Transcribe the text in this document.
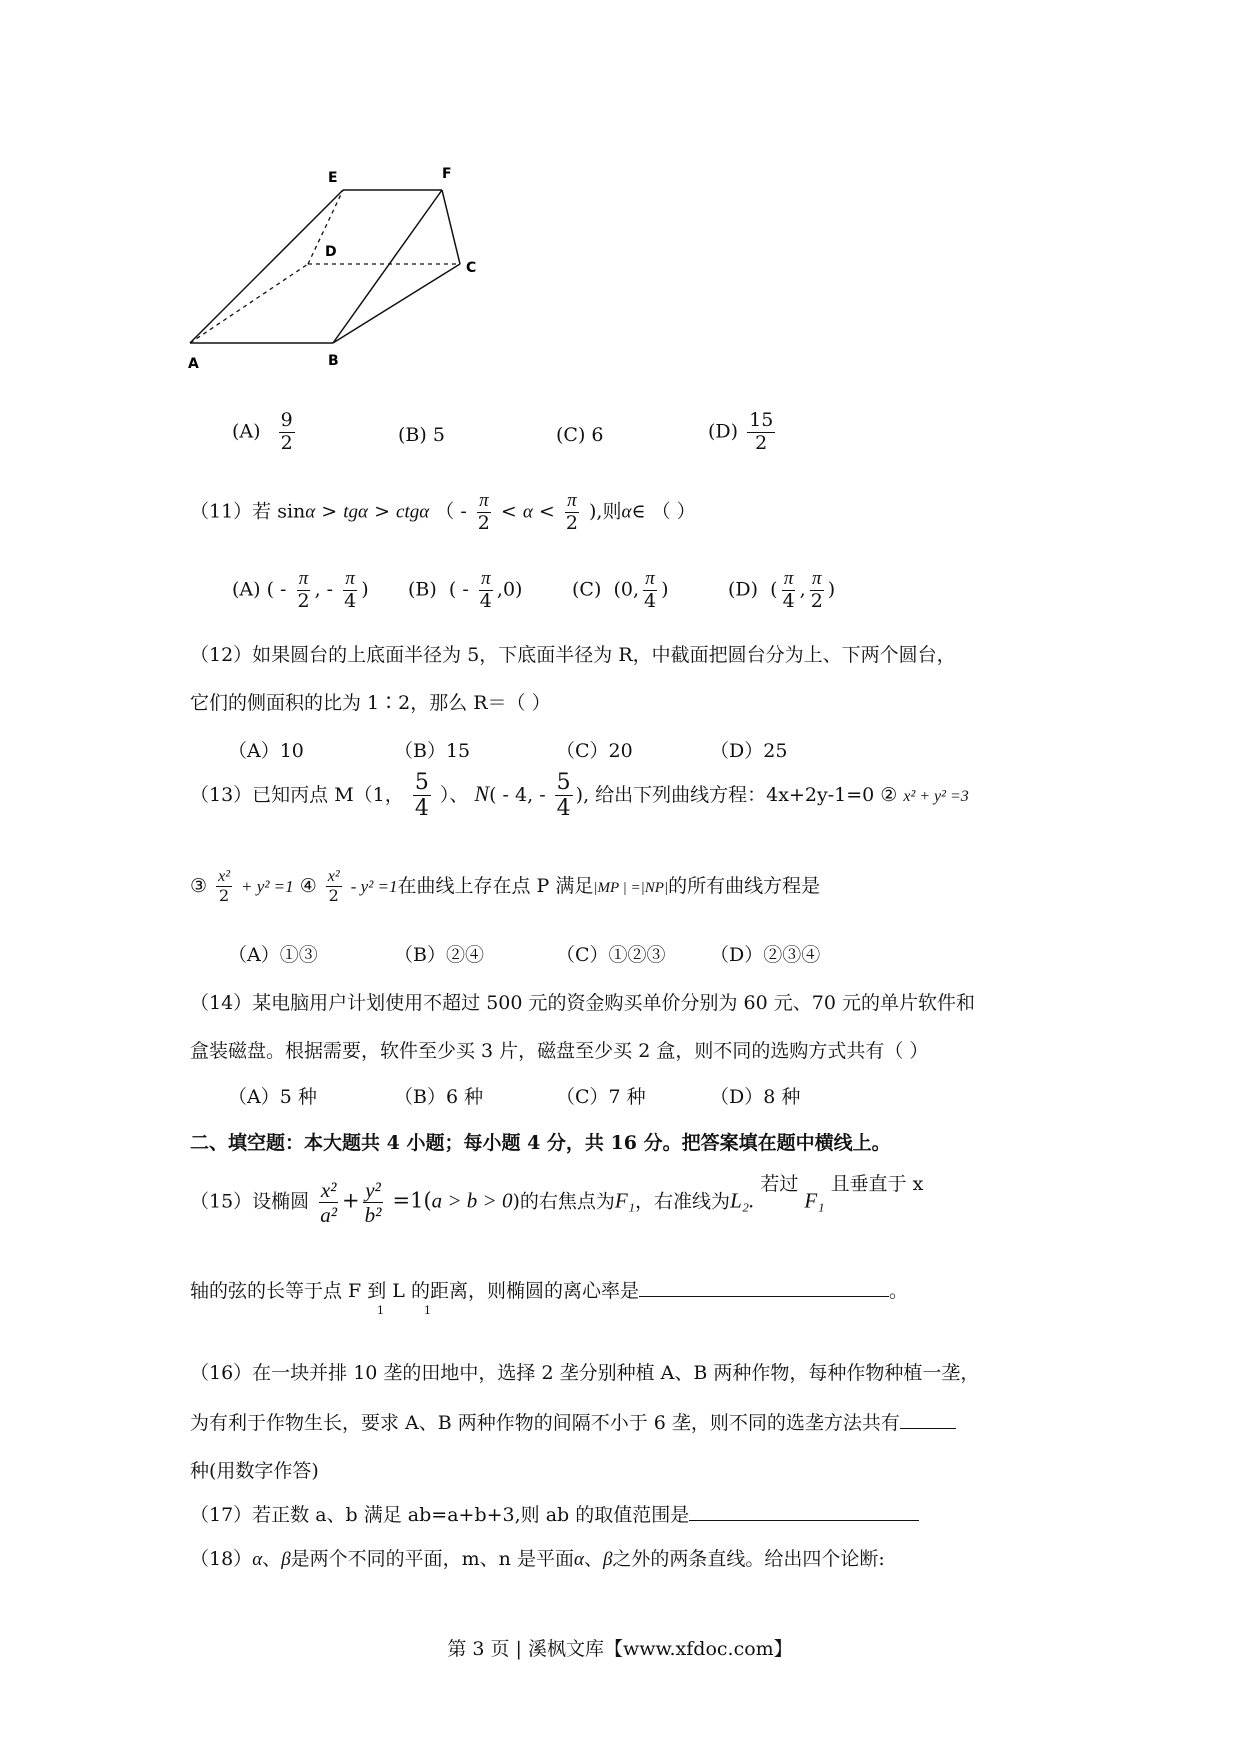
A	B
C
D
E	F
$(A) \frac{9}{2}$	(B) 5	(C) 6	$(D) \frac{15}{2}$
（11）若 sinα > tgα > ctgα （ - $\frac{\pi}{2} < \alpha < \frac{\pi}{2}$ ),则α∈ （ ）
(A) ( - $\frac{\pi}{2}$ , - $\frac{\pi}{4}$ ) (B)  ( - $\frac{\pi}{4} ,0$)	(C)  (0, $\frac{\pi}{4}$ )	(D)  ( $\frac{\pi}{4}$ , $\frac{\pi}{2}$ )
（12）如果圆台的上底面半径为 5，下底面半径为 R，中截面把圆台分为上、下两个圆台，
它们的侧面积的比为 1∶2，那么 R＝（ ）
（A）10	（B）15	（C）20	（D）25
（13）已知丙点 M（1， $\frac{5}{4}$ ）、 N( - 4, - $\frac{5}{4}$ ), 给出下列曲线方程：4x+2y-1=0 ② x² + y² =3
③ $\frac{\text{x²}}{2} + y^2 =1$ ④ $\frac{\text{x²}}{2} - y^2 =1$在曲线上存在点 P 满足|MP | =|NP|的所有曲线方程是
（A）①③	（B）②④	（C）①②③ （D）②③④
（14）某电脑用户计划使用不超过 500 元的资金购买单价分别为 60 元、70 元的单片软件和
盒装磁盘。根据需要，软件至少买 3 片，磁盘至少买 2 盒，则不同的选购方式共有（ ）
（A）5 种	（B）6 种	（C）7 种	（D）8 种
二、填空题：本大题共 4 小题；每小题 4 分，共 16 分。把答案填在题中横线上。
（15）设椭圆 $\frac{\text{x²}}{\text{a²}} + \frac{\text{y²}}{\text{b²}} =1(a > b > 0)$的右焦点为F₁，右准线为L₂. 若过 F₁ 且垂直于 x
轴的弦的长等于点 F 到 L 的距离，则椭圆的离心率是	。
1	1
（16）在一块并排 10 垄的田地中，选择 2 垄分别种植 A、B 两种作物，每种作物种植一垄，
为有利于作物生长，要求 A、B 两种作物的间隔不小于 6 垄，则不同的选垄方法共有
种(用数字作答)
（17）若正数 a、b 满足 ab=a+b+3,则 ab 的取值范围是
（18）α、β是两个不同的平面，m、n 是平面α、β之外的两条直线。给出四个论断:
第 3 页 | 溪枫文库【www.xfdoc.com】
